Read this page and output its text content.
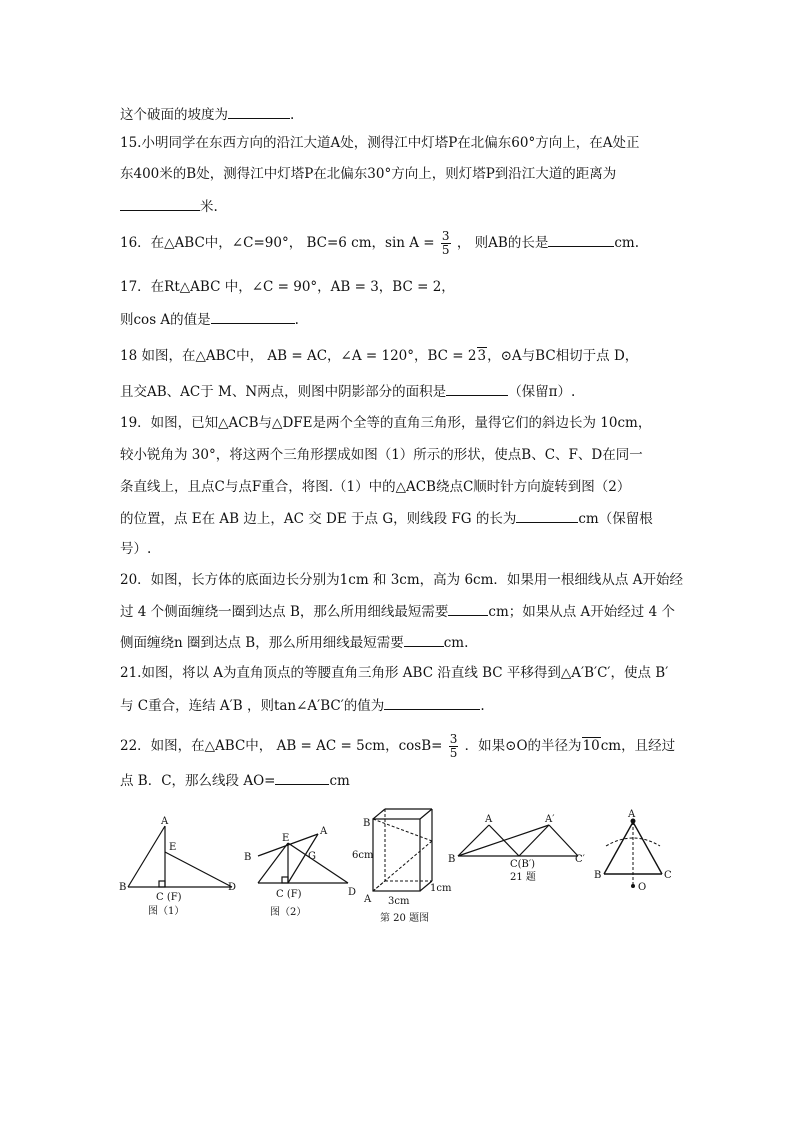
这个破面的坡度为	.
15.小明同学在东西方向的沿江大道A处，测得江中灯塔P在北偏东60°方向上，在A处正
东400米的B处，测得江中灯塔P在北偏东30°方向上，则灯塔P到沿江大道的距离为
米.
16．在△ABC中，∠C=90°， BC=6 cm，$\sin A = \frac{3}{5}$ ， 则AB的长是	cm.
17．在Rt△ABC 中，∠C = 90°，AB = 3，BC = 2，
则cos A的值是	.
18 如图，在△ABC中， AB = AC，∠A = 120°，BC = 23，⊙A与BC相切于点 D，
且交AB、AC于 M、N两点，则图中阴影部分的面积是	（保留π）.
19．如图，已知△ACB与△DFE是两个全等的直角三角形，量得它们的斜边长为 10cm，
较小锐角为 30°，将这两个三角形摆成如图（1）所示的形状，使点B、C、F、D在同一
条直线上，且点C与点F重合，将图.（1）中的△ACB绕点C顺时针方向旋转到图（2）
的位置，点 E在 AB 边上，AC 交 DE 于点 G，则线段 FG 的长为	cm（保留根
号）.
20．如图，长方体的底面边长分别为1cm 和 3cm，高为 6cm．如果用一根细线从点 A开始经
过 4 个侧面缠绕一圈到达点 B，那么所用细线最短需要	cm；如果从点 A开始经过 4 个
侧面缠绕n 圈到达点 B，那么所用细线最短需要	cm.
21.如图，将以 A为直角顶点的等腰直角三角形 ABC 沿直线 BC 平移得到△A′B′C′，使点 B′
与 C重合，连结 A′B ，则tan∠A′BC′的值为	.
22．如图，在△ABC中， AB = AC = 5cm，$\cos B= \frac{3}{5}$ ．如果⊙O的半径为10cm，且经过
点 B．C，那么线段 AO=	cm
A
E
B
C (F)
D
图（1）
E
A
G
B
C (F)	D
图（2）
B
A
6cm
3cm
1cm
第 20 题图
A	A′
B	C(B′)	C′
21 题
A
B	C
O
